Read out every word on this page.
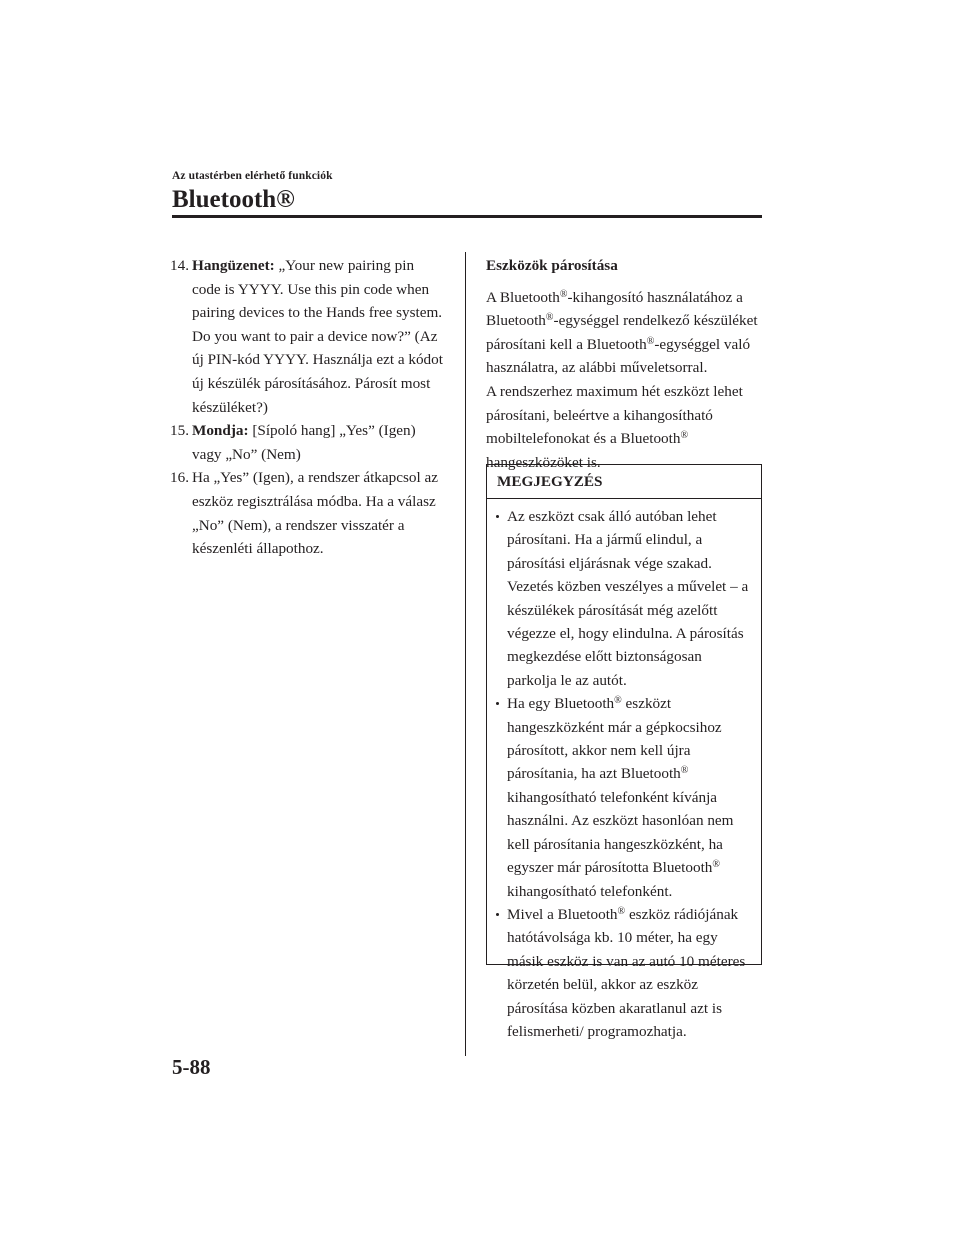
Az utastérben elérhető funkciók
Bluetooth®
14. Hangüzenet: „Your new pairing pin code is YYYY. Use this pin code when pairing devices to the Hands free system. Do you want to pair a device now?” (Az új PIN-kód YYYY. Használja ezt a kódot új készülék párosításához. Párosít most készüléket?)
15. Mondja: [Sípoló hang] „Yes” (Igen) vagy „No” (Nem)
16. Ha „Yes” (Igen), a rendszer átkapcsol az eszköz regisztrálása módba. Ha a válasz „No” (Nem), a rendszer visszatér a készenléti állapothoz.
Eszközök párosítása

A Bluetooth®-kihangosító használatához a Bluetooth®-egységgel rendelkező készüléket párosítani kell a Bluetooth®-egységgel való használatra, az alábbi műveletsorral.

A rendszerhez maximum hét eszközt lehet párosítani, beleértve a kihangosítható mobiltelefonokat és a Bluetooth® hangeszközöket is.

MEGJEGYZÉS
Az eszközt csak álló autóban lehet párosítani. Ha a jármű elindul, a párosítási eljárásnak vége szakad. Vezetés közben veszélyes a művelet – a készülékek párosítását még azelőtt végezze el, hogy elindulna. A párosítás megkezdése előtt biztonságosan parkolja le az autót.
Ha egy Bluetooth® eszközt hangeszközként már a gépkocsihoz párosított, akkor nem kell újra párosítania, ha azt Bluetooth® kihangosítható telefonként kívánja használni. Az eszközt hasonlóan nem kell párosítania hangeszközként, ha egyszer már párosította Bluetooth® kihangosítható telefonként.
Mivel a Bluetooth® eszköz rádiójának hatótávolsága kb. 10 méter, ha egy másik eszköz is van az autó 10 méteres körzetén belül, akkor az eszköz párosítása közben akaratlanul azt is felismerheti/ programozhatja.
5-88
